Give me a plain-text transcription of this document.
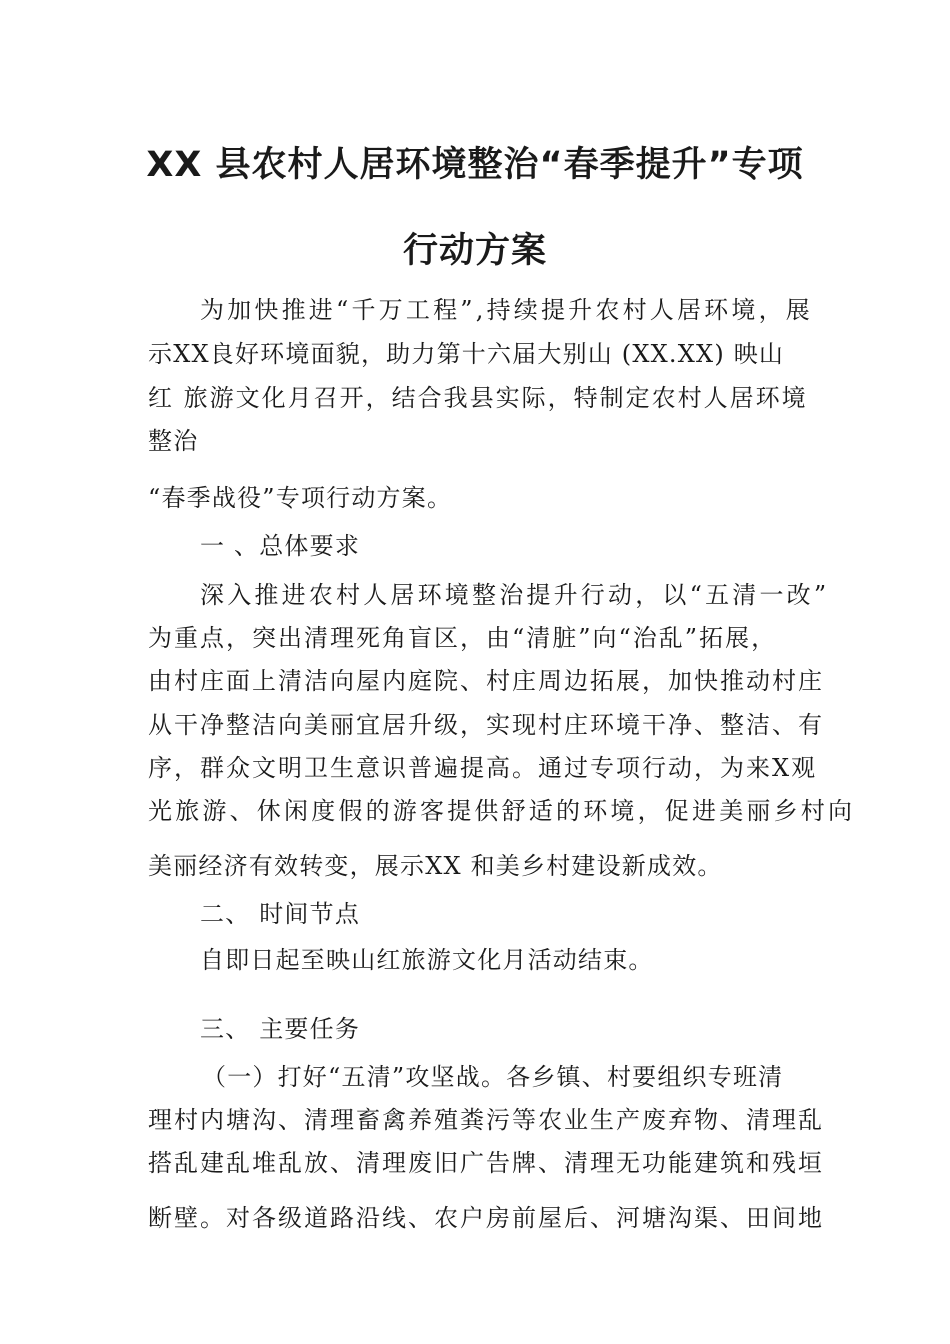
XX 县农村人居环境整治“春季提升”专项
行动方案
为加快推进“千万工程”,持续提升农村人居环境，展
示XX良好环境面貌，助力第十六届大别山 (XX.XX) 映山
红 旅游文化月召开，结合我县实际，特制定农村人居环境
整治
“春季战役”专项行动方案。
一 、总体要求
深入推进农村人居环境整治提升行动，以“五清一改”
为重点，突出清理死角盲区，由“清脏”向“治乱”拓展，
由村庄面上清洁向屋内庭院、村庄周边拓展，加快推动村庄
从干净整洁向美丽宜居升级，实现村庄环境干净、整洁、有
序，群众文明卫生意识普遍提高。通过专项行动，为来X观
光旅游、休闲度假的游客提供舒适的环境，促进美丽乡村向
美丽经济有效转变，展示XX 和美乡村建设新成效。
二、 时间节点
自即日起至映山红旅游文化月活动结束。
三、 主要任务
（一）打好“五清”攻坚战。各乡镇、村要组织专班清
理村内塘沟、清理畜禽养殖粪污等农业生产废弃物、清理乱
搭乱建乱堆乱放、清理废旧广告牌、清理无功能建筑和残垣
断壁。对各级道路沿线、农户房前屋后、河塘沟渠、田间地
